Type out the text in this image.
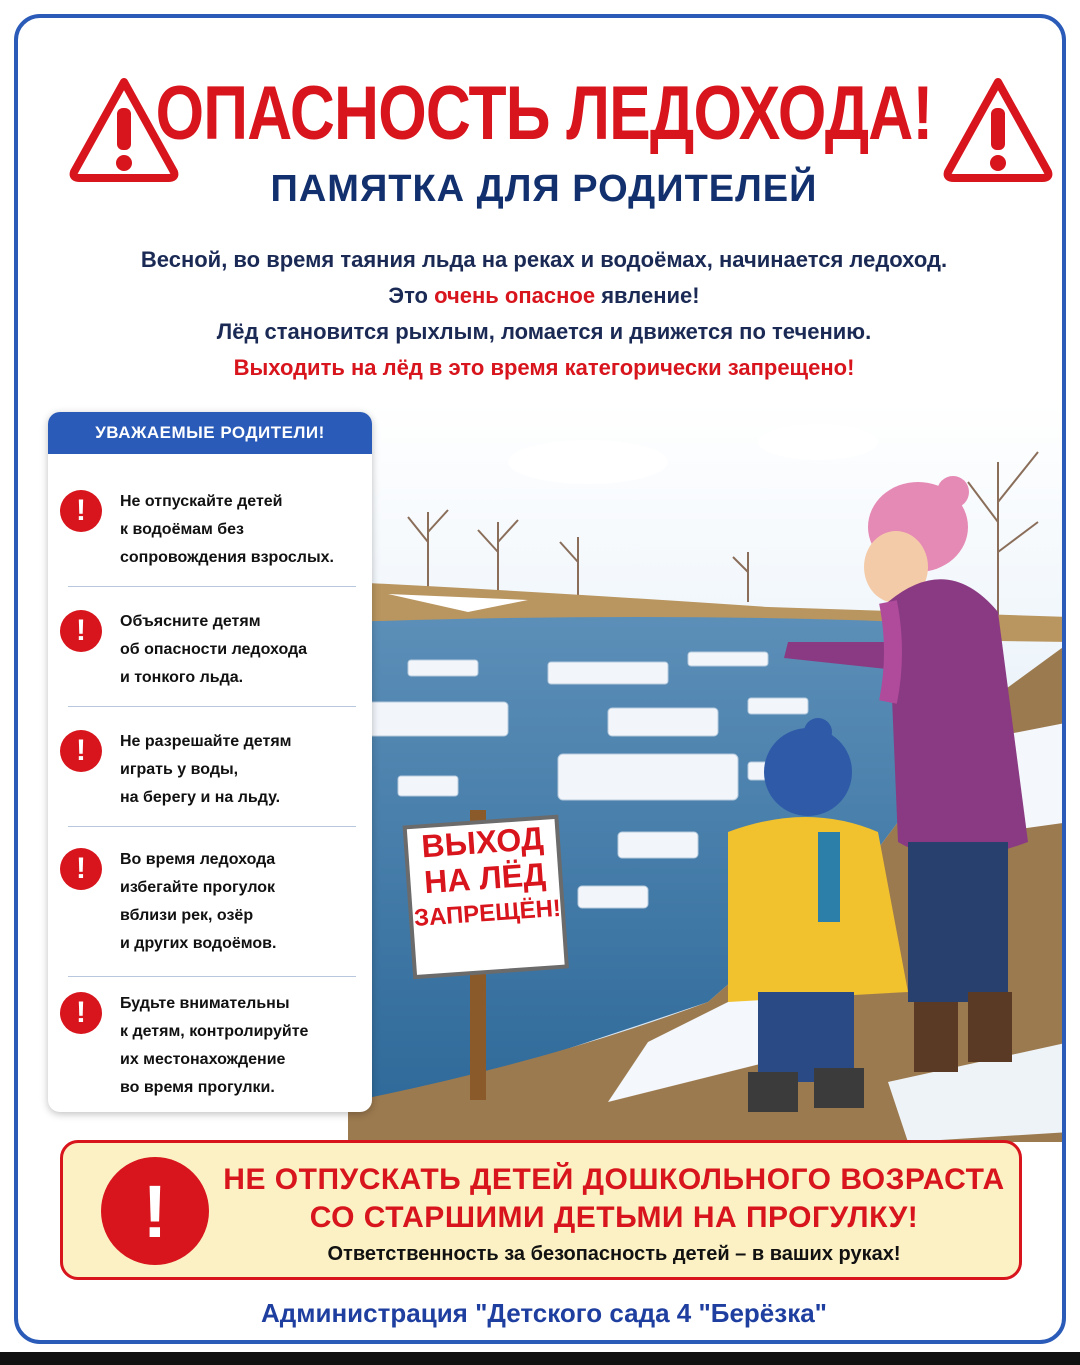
ОПАСНОСТЬ ЛЕДОХОДА!
ПАМЯТКА ДЛЯ РОДИТЕЛЕЙ
Весной, во время таяния льда на реках и водоёмах, начинается ледоход.
Это очень опасное явление!
Лёд становится рыхлым, ломается и движется по течению.
Выходить на лёд в это время категорически запрещено!
ВЫХОД
НА ЛЁД
ЗАПРЕЩЁН!
УВАЖАЕМЫЕ РОДИТЕЛИ!
!	Не отпускайте детей
к водоёмам без
сопровождения взрослых.
!	Объясните детям
об опасности ледохода
и тонкого льда.
!	Не разрешайте детям
играть у воды,
на берегу и на льду.
!	Во время ледохода
избегайте прогулок
вблизи рек, озёр
и других водоёмов.
!	Будьте внимательны
к детям, контролируйте
их местонахождение
во время прогулки.
!	НЕ ОТПУСКАТЬ ДЕТЕЙ ДОШКОЛЬНОГО ВОЗРАСТА
СО СТАРШИМИ ДЕТЬМИ НА ПРОГУЛКУ!
Ответственность за безопасность детей – в ваших руках!
Администрация "Детского сада 4 "Берёзка"
